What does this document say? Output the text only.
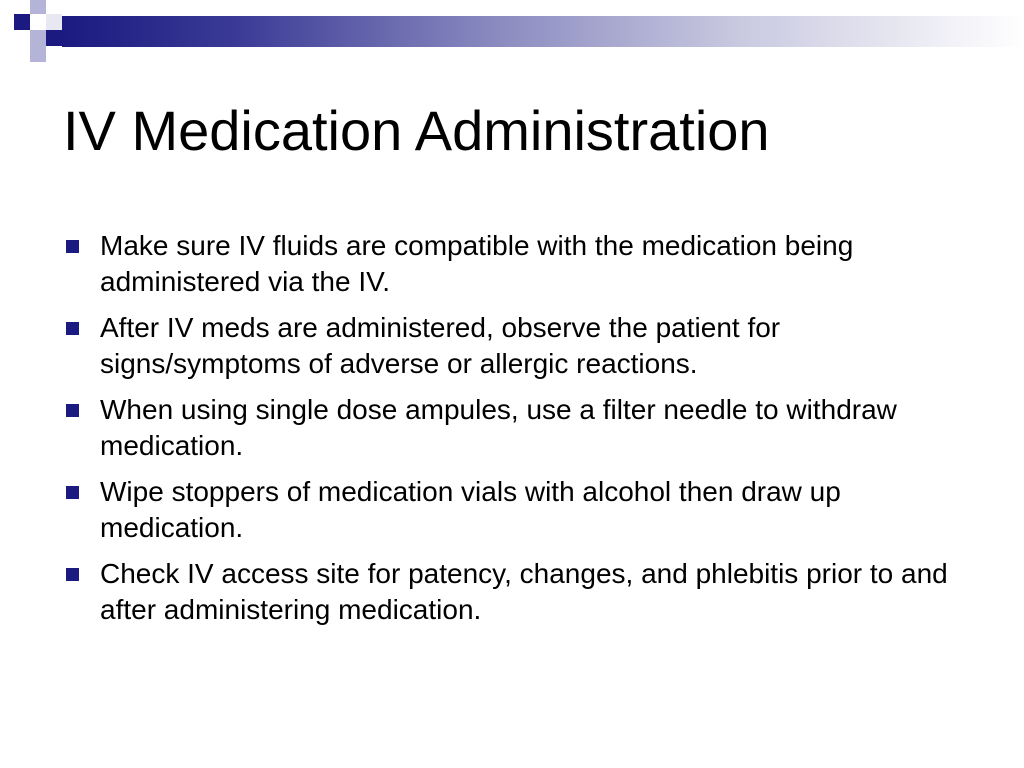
IV Medication Administration
Make sure IV fluids are compatible with the medication being administered via the IV.
After IV meds are administered, observe the patient for signs/symptoms of adverse or allergic reactions.
When using single dose ampules, use a filter needle to withdraw medication.
Wipe stoppers of medication vials with alcohol then draw up medication.
Check IV access site for patency, changes, and phlebitis prior to and after administering medication.
